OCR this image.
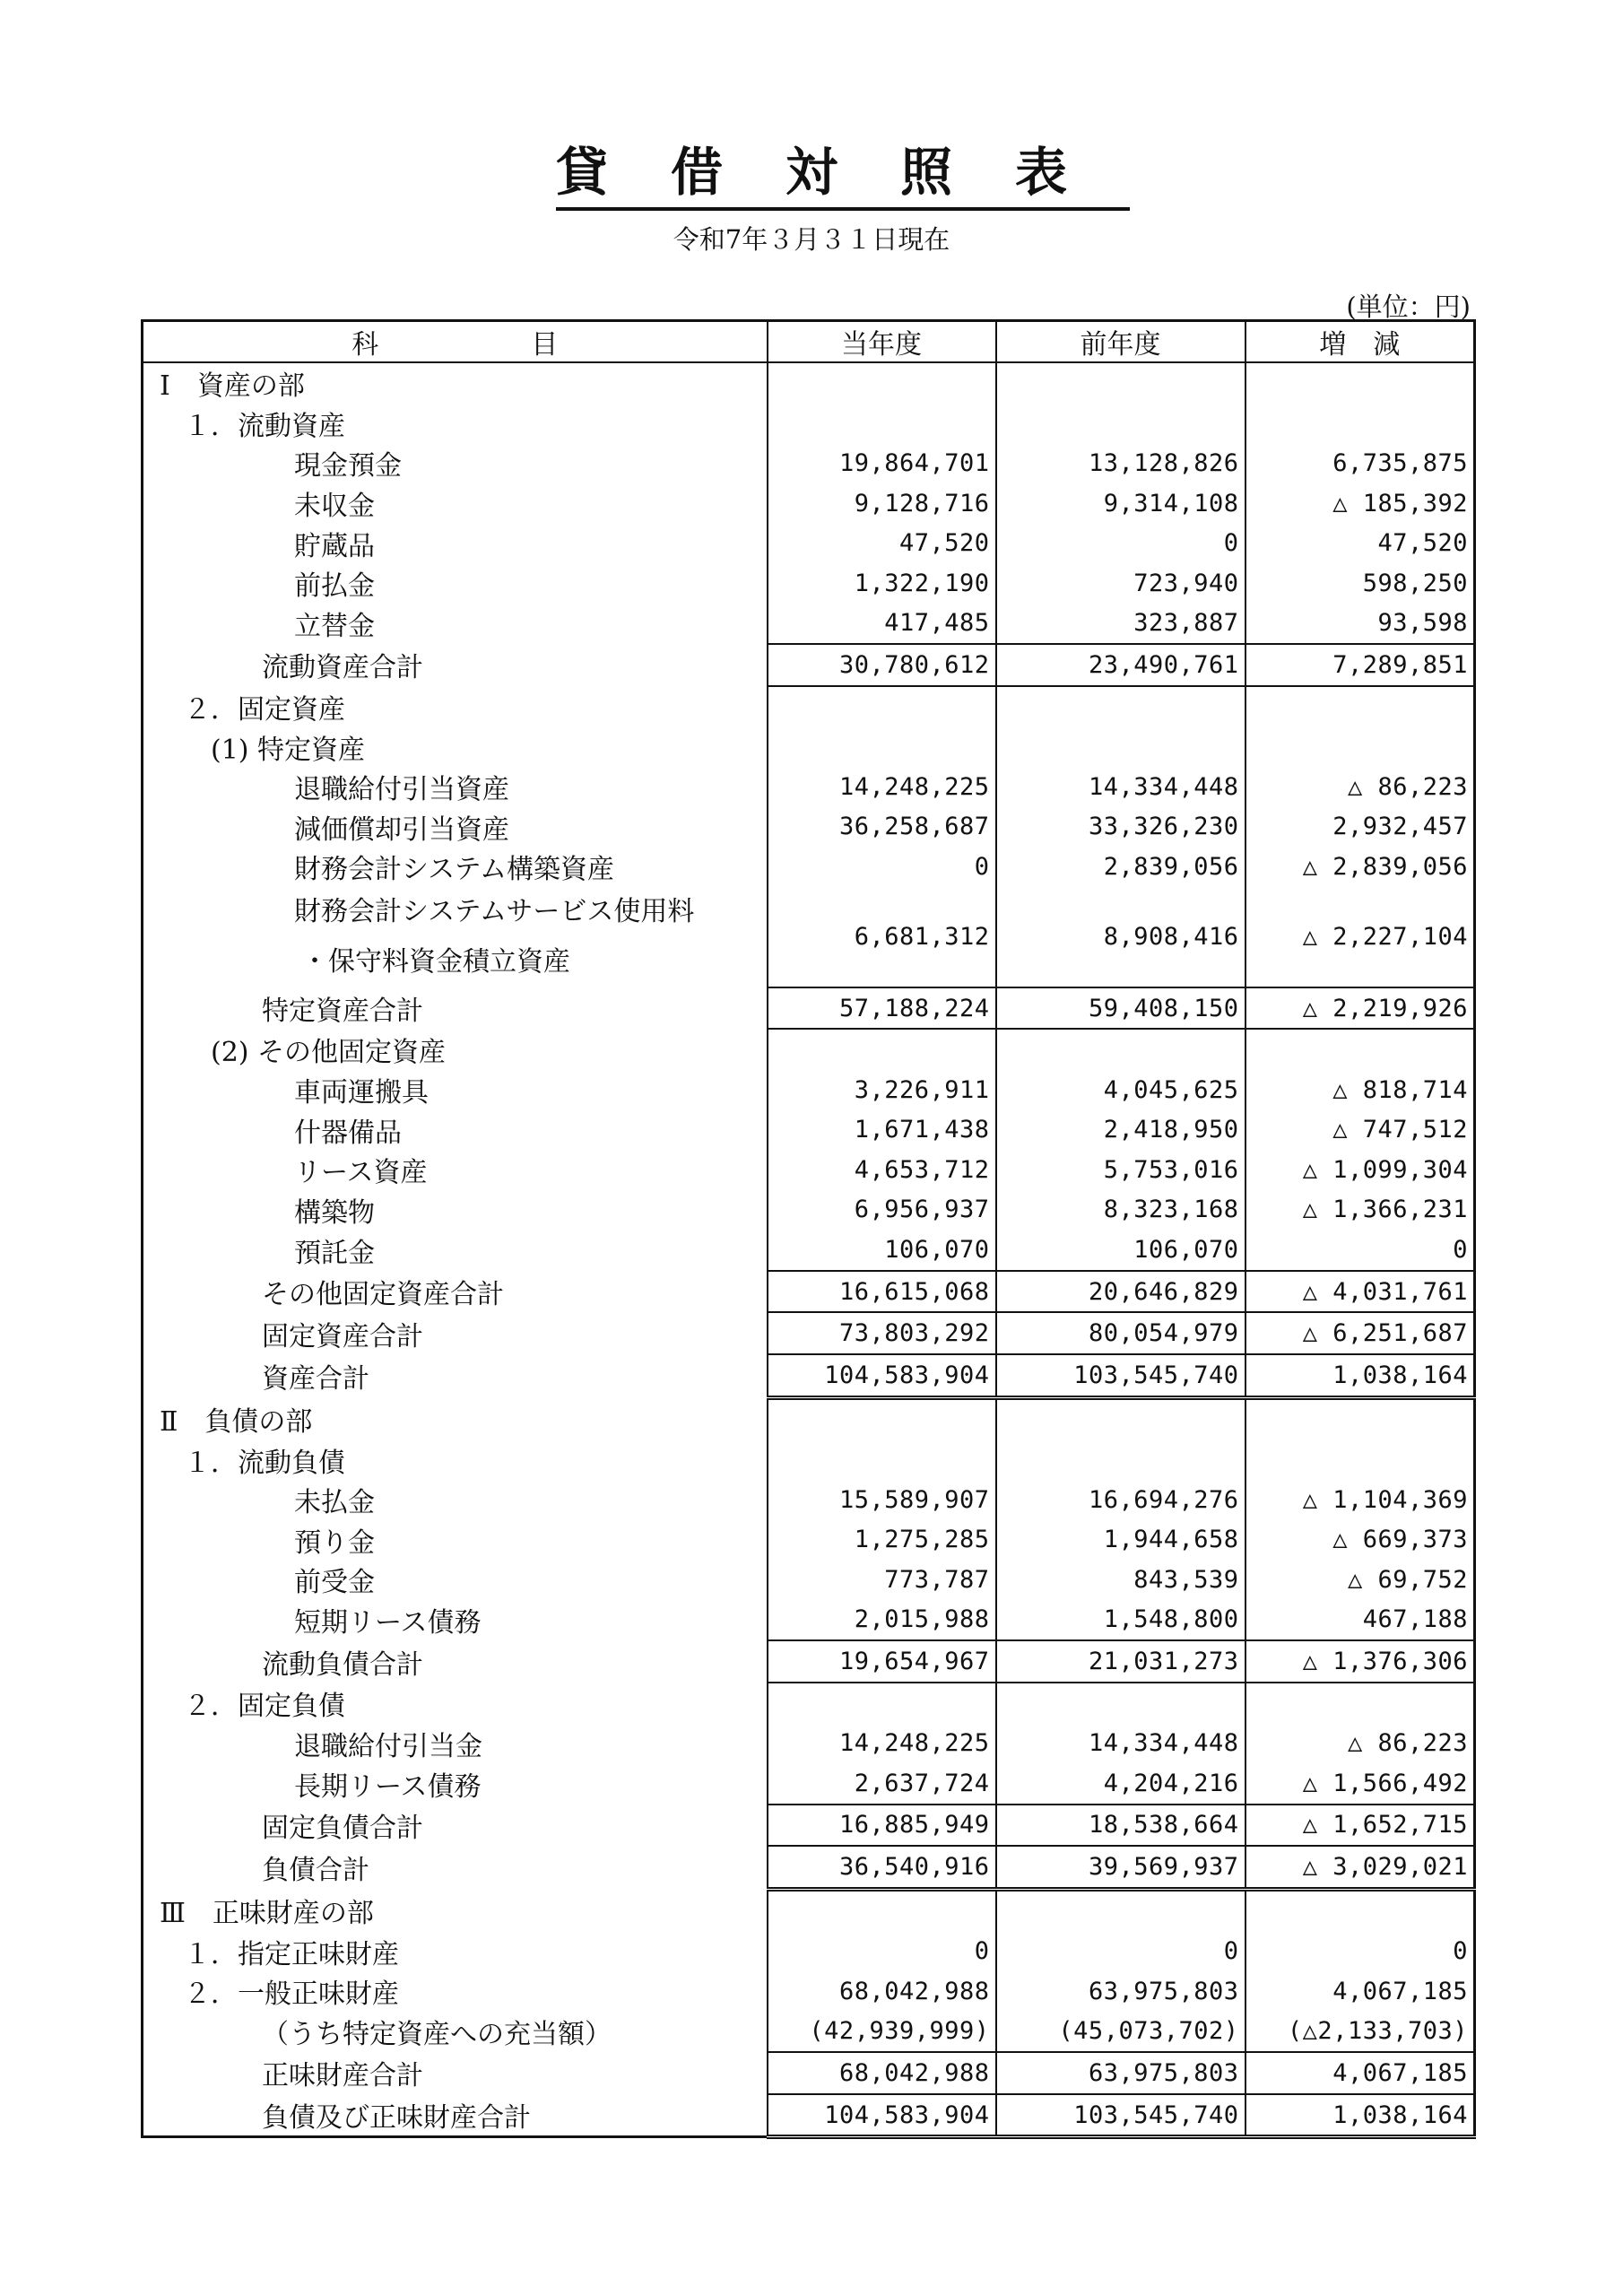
貸借対照表
令和7年３月３１日現在
(単位：円)
科 目	当年度	前年度	増　減
Ⅰ　資産の部			
１．流動資産			
現金預金	19,864,701	13,128,826	6,735,875
未収金	9,128,716	9,314,108	△ 185,392
貯蔵品	47,520	0	47,520
前払金	1,322,190	723,940	598,250
立替金	417,485	323,887	93,598
流動資産合計	30,780,612	23,490,761	7,289,851
２．固定資産			
(1) 特定資産			
退職給付引当資産	14,248,225	14,334,448	△ 86,223
減価償却引当資産	36,258,687	33,326,230	2,932,457
財務会計システム構築資産	0	2,839,056	△ 2,839,056

財務会計システムサービス使用料
・保守料資金積立資産	6,681,312	8,908,416	△ 2,227,104
特定資産合計	57,188,224	59,408,150	△ 2,219,926
(2) その他固定資産			
車両運搬具	3,226,911	4,045,625	△ 818,714
什器備品	1,671,438	2,418,950	△ 747,512
リース資産	4,653,712	5,753,016	△ 1,099,304
構築物	6,956,937	8,323,168	△ 1,366,231
預託金	106,070	106,070	0
その他固定資産合計	16,615,068	20,646,829	△ 4,031,761
固定資産合計	73,803,292	80,054,979	△ 6,251,687
資産合計	104,583,904	103,545,740	1,038,164
Ⅱ　負債の部			
１．流動負債			
未払金	15,589,907	16,694,276	△ 1,104,369
預り金	1,275,285	1,944,658	△ 669,373
前受金	773,787	843,539	△ 69,752
短期リース債務	2,015,988	1,548,800	467,188
流動負債合計	19,654,967	21,031,273	△ 1,376,306
２．固定負債			
退職給付引当金	14,248,225	14,334,448	△ 86,223
長期リース債務	2,637,724	4,204,216	△ 1,566,492
固定負債合計	16,885,949	18,538,664	△ 1,652,715
負債合計	36,540,916	39,569,937	△ 3,029,021
Ⅲ　正味財産の部			
１．指定正味財産	0	0	0
２．一般正味財産	68,042,988	63,975,803	4,067,185
（うち特定資産への充当額）	(42,939,999)	(45,073,702)	(△2,133,703)
正味財産合計	68,042,988	63,975,803	4,067,185
負債及び正味財産合計	104,583,904	103,545,740	1,038,164
